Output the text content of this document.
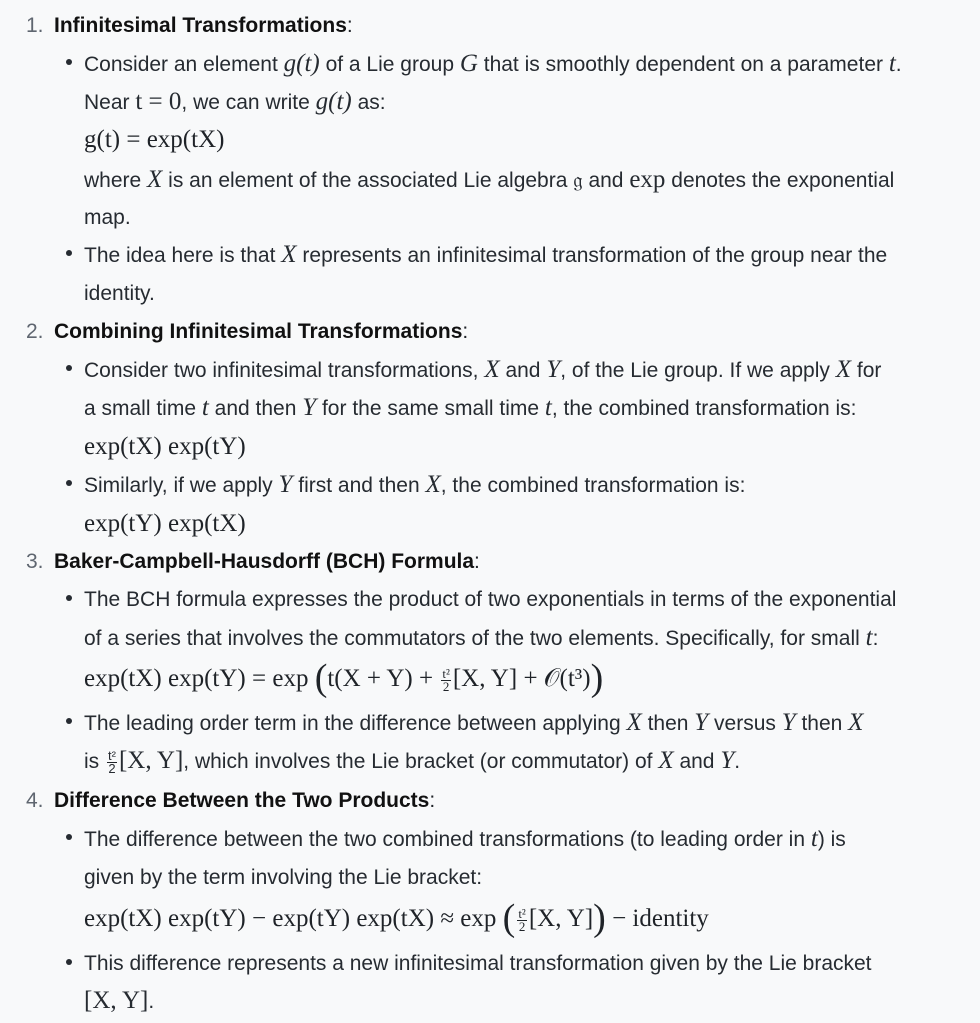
1. Infinitesimal Transformations:
Consider an element g(t) of a Lie group G that is smoothly dependent on a parameter t.
Near t = 0, we can write g(t) as:
g(t) = exp(tX)
where X is an element of the associated Lie algebra 𝔤 and exp denotes the exponential
map.
The idea here is that X represents an infinitesimal transformation of the group near the
identity.
2. Combining Infinitesimal Transformations:
Consider two infinitesimal transformations, X and Y, of the Lie group. If we apply X for
a small time t and then Y for the same small time t, the combined transformation is:
exp(tX) exp(tY)
Similarly, if we apply Y first and then X, the combined transformation is:
exp(tY) exp(tX)
3. Baker-Campbell-Hausdorff (BCH) Formula:
The BCH formula expresses the product of two exponentials in terms of the exponential
of a series that involves the commutators of the two elements. Specifically, for small t:
exp(tX) $\exp(tY) = \exp (t(X + Y) + \frac{\text{t²}}{2} [X$, Y] + 𝒪(t³))
The leading order term in the difference between applying X then Y versus Y then X
is $\frac{\text{t²}}{2} [X$, Y], which involves the Lie bracket (or commutator) of X and Y.
4. Difference Between the Two Products:
The difference between the two combined transformations (to leading order in t) is
given by the term involving the Lie bracket:
exp(tX) exp(tY) − exp(tY) exp(tX) ≈ exp ( $\frac{\text{t²}}{2} [X$, Y]) − identity
This difference represents a new infinitesimal transformation given by the Lie bracket
[X, Y].
